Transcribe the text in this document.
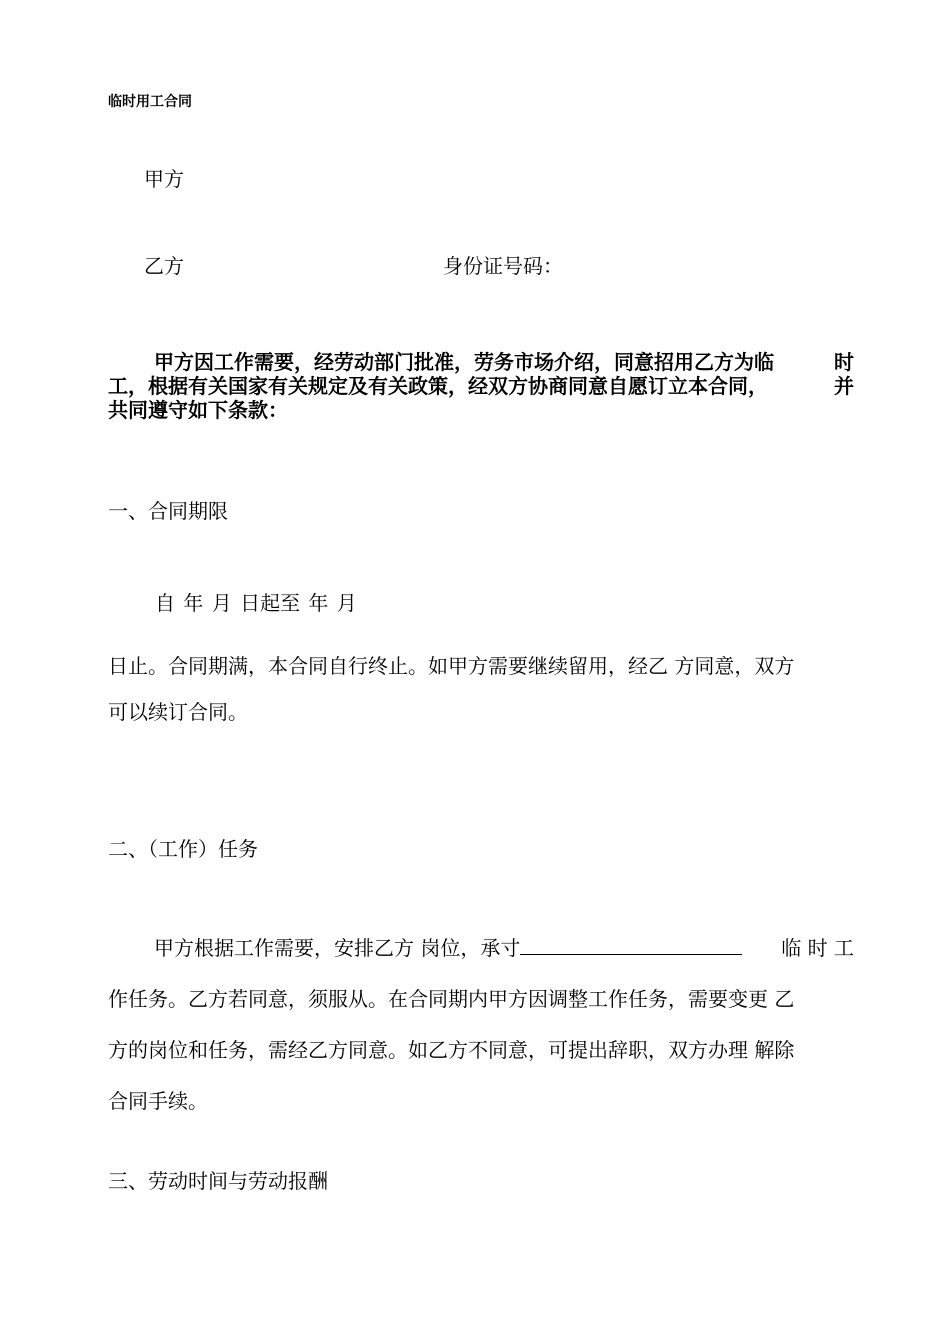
临时用工合同

甲方
乙方	身份证号码：
甲方因工作需要，经劳动部门批准，劳务市场介绍，同意招用乙方为临	时
工，根据有关国家有关规定及有关政策，经双方协商同意自愿订立本合同，	并
共同遵守如下条款：
一、合同期限
自 年 月 日起至 年 月
日止。合同期满，本合同自行终止。如甲方需要继续留用，经乙 方同意，双方
可以续订合同。
二、（工作）任务
甲方根据工作需要，安排乙方 岗位，承寸	临 时 工
作任务。乙方若同意，须服从。在合同期内甲方因调整工作任务，需要变更 乙
方的岗位和任务，需经乙方同意。如乙方不同意，可提出辞职，双方办理 解除
合同手续。
三、劳动时间与劳动报酬
